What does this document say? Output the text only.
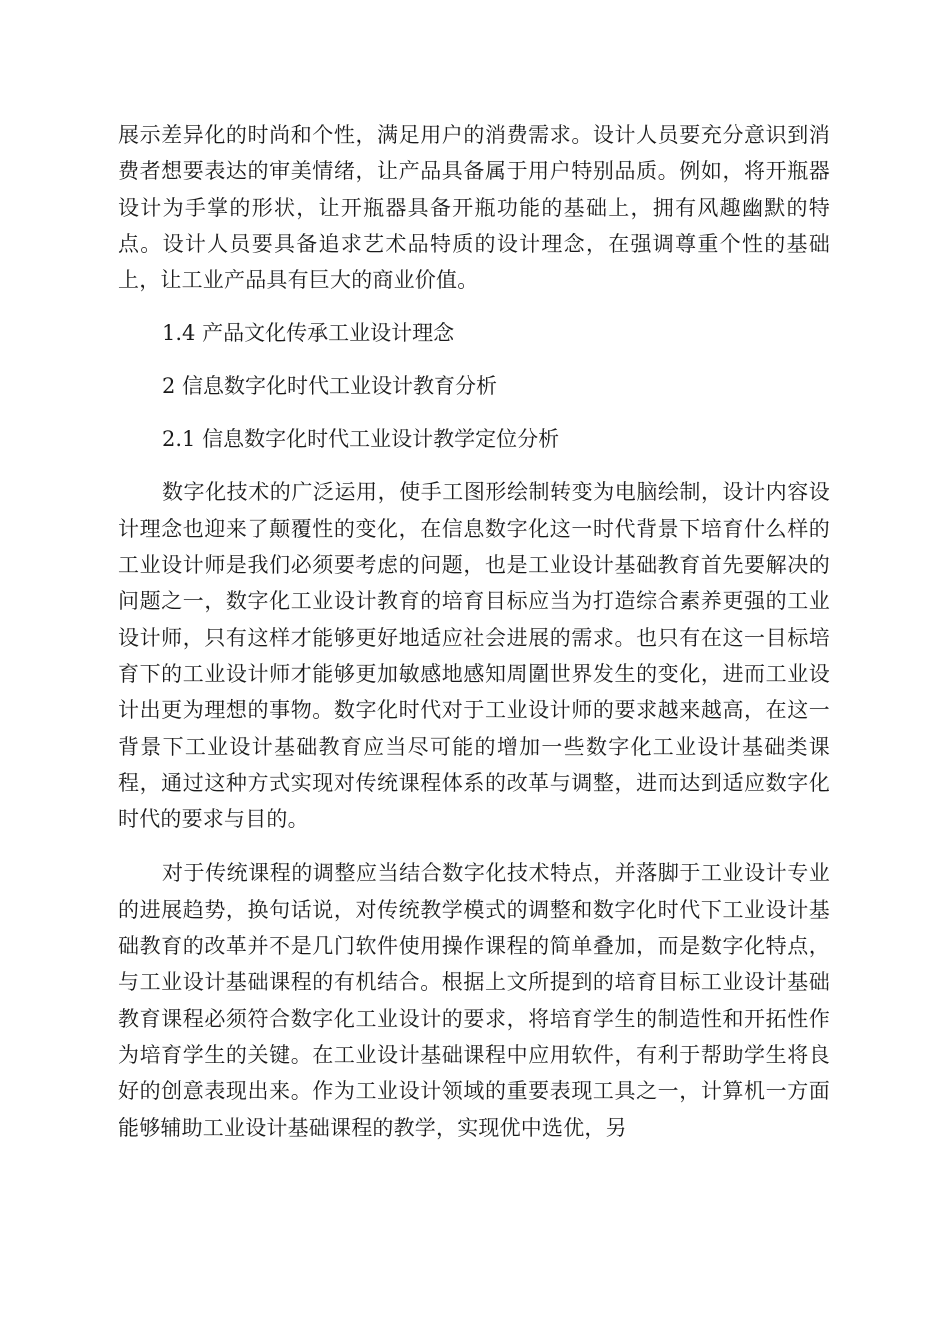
展示差异化的时尚和个性，满足用户的消费需求。设计人员要充分意识到消费者想要表达的审美情绪，让产品具备属于用户特别品质。例如，将开瓶器设计为手掌的形状，让开瓶器具备开瓶功能的基础上，拥有风趣幽默的特点。设计人员要具备追求艺术品特质的设计理念，在强调尊重个性的基础上，让工业产品具有巨大的商业价值。

1.4 产品文化传承工业设计理念

2 信息数字化时代工业设计教育分析

2.1 信息数字化时代工业设计教学定位分析

数字化技术的广泛运用，使手工图形绘制转变为电脑绘制，设计内容设计理念也迎来了颠覆性的变化，在信息数字化这一时代背景下培育什么样的工业设计师是我们必须要考虑的问题，也是工业设计基础教育首先要解决的问题之一，数字化工业设计教育的培育目标应当为打造综合素养更强的工业设计师，只有这样才能够更好地适应社会进展的需求。也只有在这一目标培育下的工业设计师才能够更加敏感地感知周圍世界发生的变化，进而工业设计出更为理想的事物。数字化时代对于工业设计师的要求越来越高，在这一背景下工业设计基础教育应当尽可能的增加一些数字化工业设计基础类课程，通过这种方式实现对传统课程体系的改革与调整，进而达到适应数字化时代的要求与目的。

对于传统课程的调整应当结合数字化技术特点，并落脚于工业设计专业的进展趋势，换句话说，对传统教学模式的调整和数字化时代下工业设计基础教育的改革并不是几门软件使用操作课程的简单叠加，而是数字化特点，与工业设计基础课程的有机结合。根据上文所提到的培育目标工业设计基础教育课程必须符合数字化工业设计的要求，将培育学生的制造性和开拓性作为培育学生的关键。在工业设计基础课程中应用软件，有利于帮助学生将良好的创意表现出来。作为工业设计领域的重要表现工具之一，计算机一方面能够辅助工业设计基础课程的教学，实现优中选优，另
